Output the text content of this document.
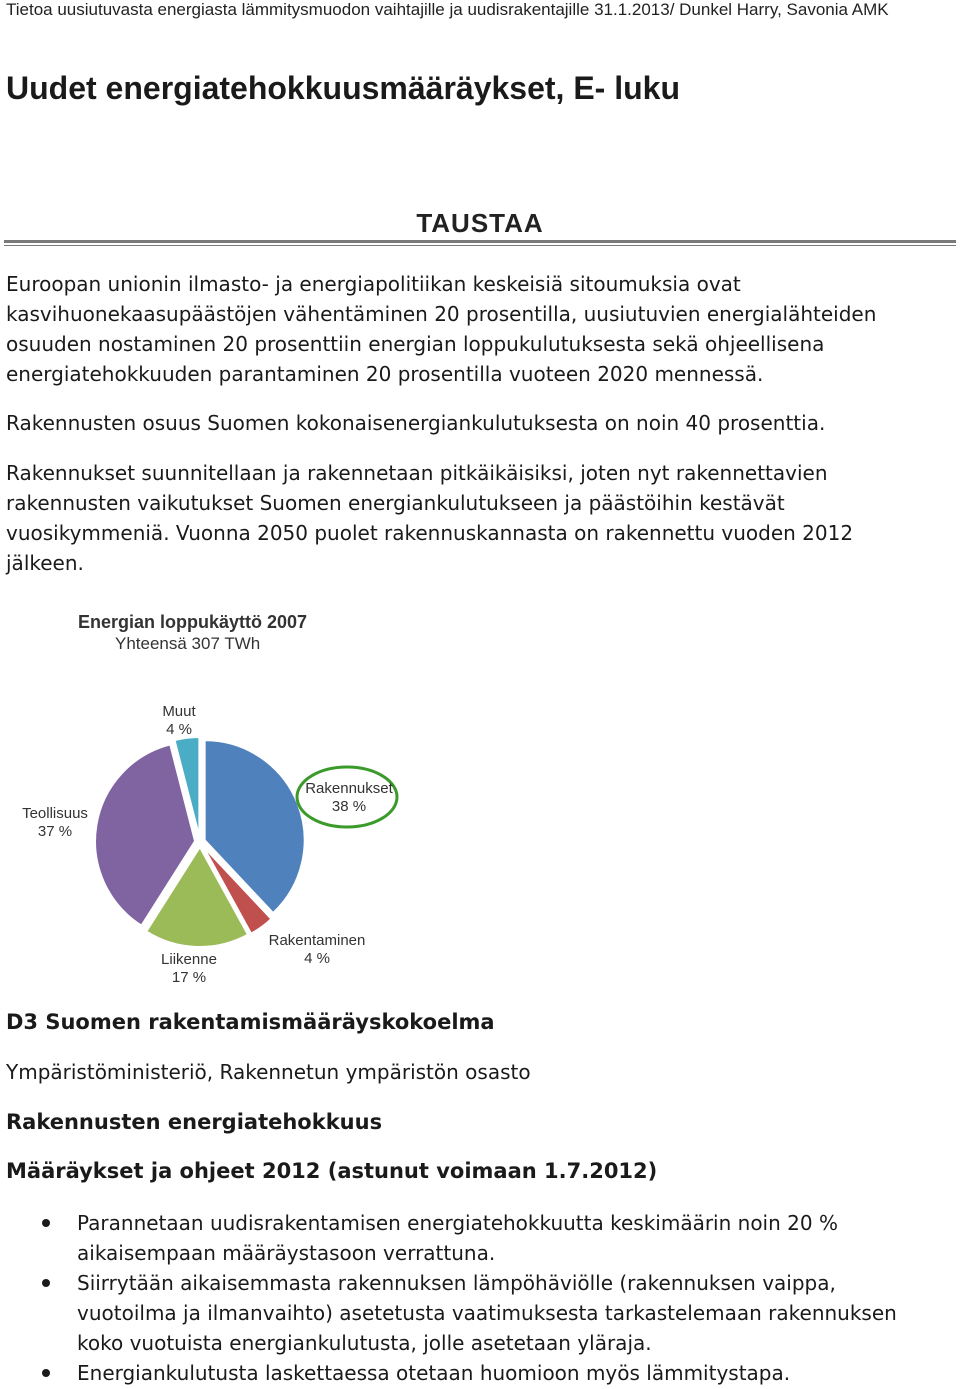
Tietoa uusiutuvasta energiasta lämmitysmuodon vaihtajille ja uudisrakentajille 31.1.2013/ Dunkel Harry, Savonia AMK
Uudet energiatehokkuusmääräykset, E- luku
TAUSTAA

Euroopan unionin ilmasto- ja energiapolitiikan keskeisiä sitoumuksia ovat kasvihuonekaasupäästöjen vähentäminen 20 prosentilla, uusiutuvien energialähteiden osuuden nostaminen 20 prosenttiin energian loppukulutuksesta sekä ohjeellisena energiatehokkuuden parantaminen 20 prosentilla vuoteen 2020 mennessä.

Rakennusten osuus Suomen kokonaisenergiankulutuksesta on noin 40 prosenttia.

Rakennukset suunnitellaan ja rakennetaan pitkäikäisiksi, joten nyt rakennettavien rakennusten vaikutukset Suomen energiankulutukseen ja päästöihin kestävät vuosikymmeniä. Vuonna 2050 puolet rakennuskannasta on rakennettu vuoden 2012 jälkeen.

Energian loppukäyttö 2007
Yhteensä 307 TWh
Rakennukset
38 %
Rakentaminen
4 %
Liikenne
17 %
Teollisuus
37 %
Muut
4 %
D3 Suomen rakentamismääräyskokoelma
Ympäristöministeriö, Rakennetun ympäristön osasto
Rakennusten energiatehokkuus
Määräykset ja ohjeet 2012 (astunut voimaan 1.7.2012)
Parannetaan uudisrakentamisen energiatehokkuutta keskimäärin noin 20 % aikaisempaan määräystasoon verrattuna.
Siirrytään aikaisemmasta rakennuksen lämpöhäviölle (rakennuksen vaippa, vuotoilma ja ilmanvaihto) asetetusta vaatimuksesta tarkastelemaan rakennuksen koko vuotuista energiankulutusta, jolle asetetaan yläraja.
Energiankulutusta laskettaessa otetaan huomioon myös lämmitystapa.
